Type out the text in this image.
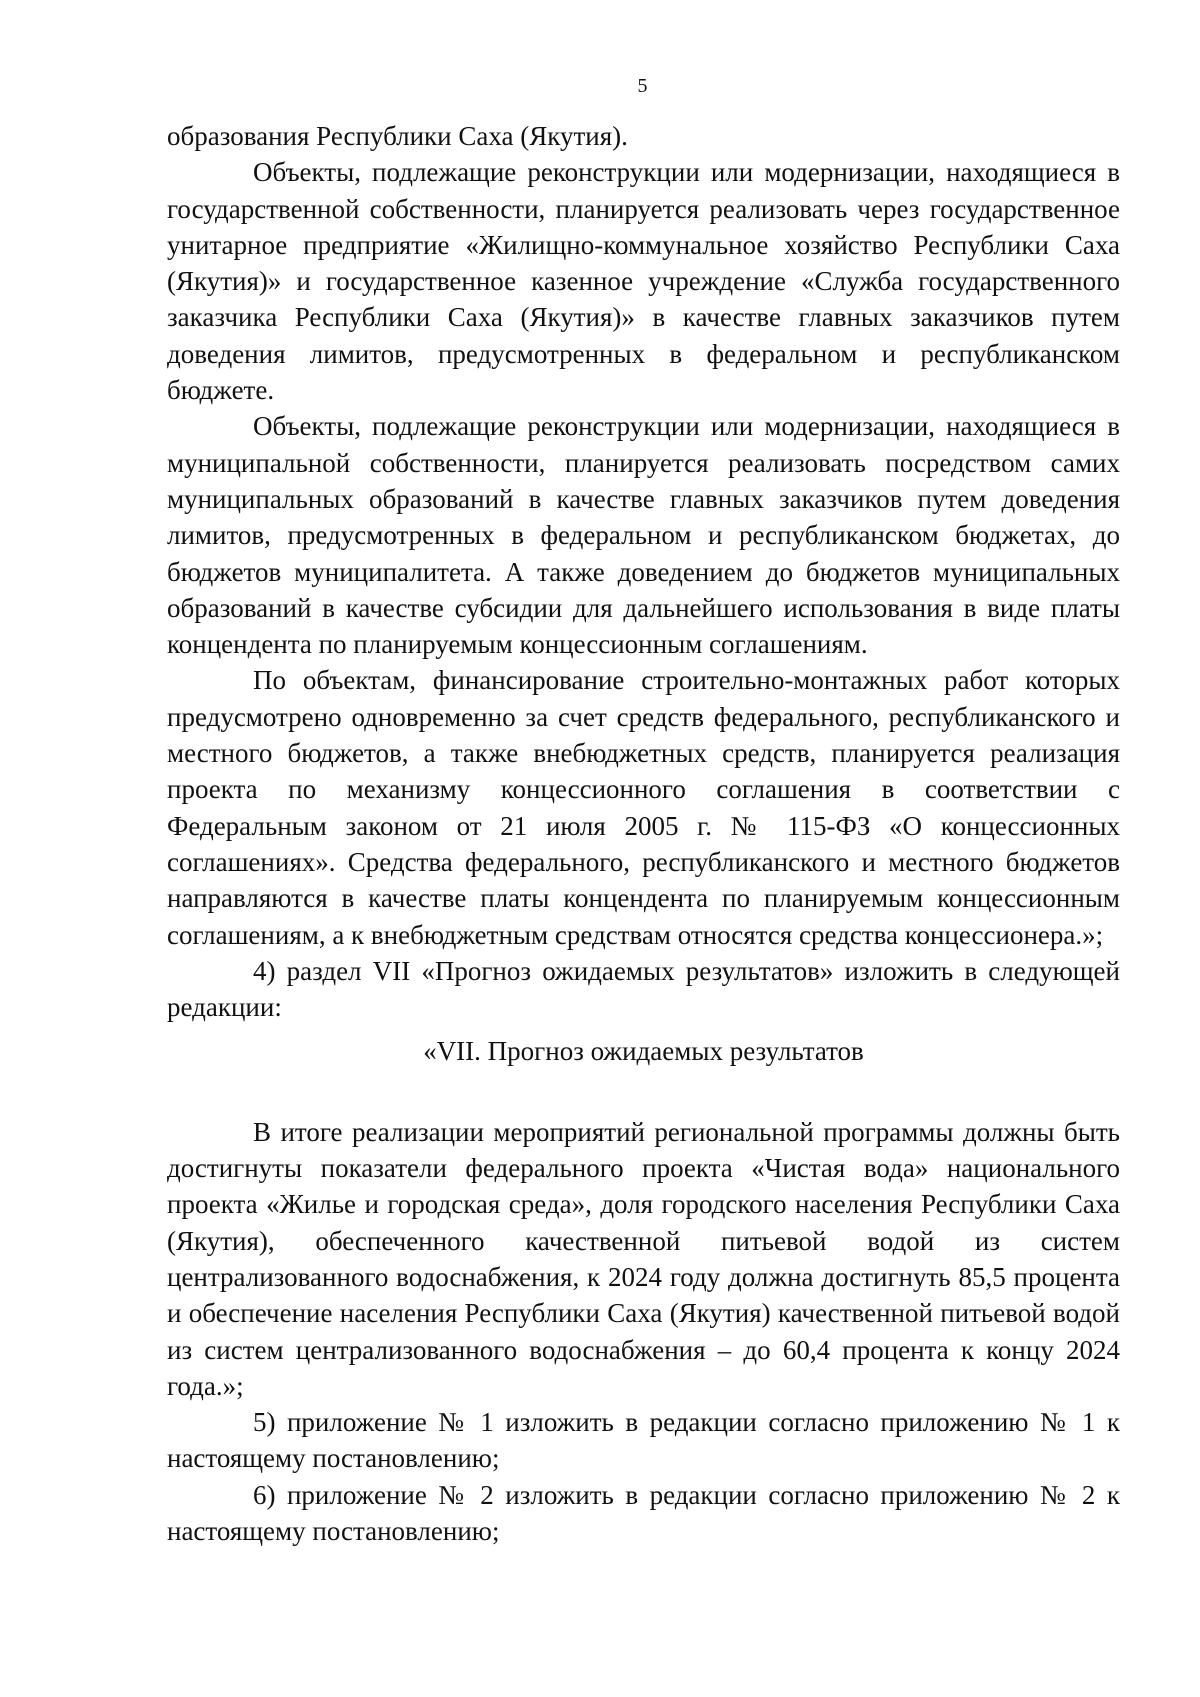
5

образования Республики Саха (Якутия).

Объекты, подлежащие реконструкции или модернизации, находящиеся в государственной собственности, планируется реализовать через государственное унитарное предприятие «Жилищно-коммунальное хозяйство Республики Саха (Якутия)» и государственное казенное учреждение «Служба государственного заказчика Республики Саха (Якутия)» в качестве главных заказчиков путем доведения лимитов, предусмотренных в федеральном и республиканском бюджете.

Объекты, подлежащие реконструкции или модернизации, находящиеся в муниципальной собственности, планируется реализовать посредством самих муниципальных образований в качестве главных заказчиков путем доведения лимитов, предусмотренных в федеральном и республиканском бюджетах, до бюджетов муниципалитета. А также доведением до бюджетов муниципальных образований в качестве субсидии для дальнейшего использования в виде платы концендента по планируемым концессионным соглашениям.

По объектам, финансирование строительно-монтажных работ которых предусмотрено одновременно за счет средств федерального, республиканского и местного бюджетов, а также внебюджетных средств, планируется реализация проекта по механизму концессионного соглашения в соответствии с Федеральным законом от 21 июля 2005 г. № 115-ФЗ «О концессионных соглашениях». Средства федерального, республиканского и местного бюджетов направляются в качестве платы концендента по планируемым концессионным соглашениям, а к внебюджетным средствам относятся средства концессионера.»;

4) раздел VII «Прогноз ожидаемых результатов» изложить в следующей редакции:

«VII. Прогноз ожидаемых результатов

В итоге реализации мероприятий региональной программы должны быть достигнуты показатели федерального проекта «Чистая вода» национального проекта «Жилье и городская среда», доля городского населения Республики Саха (Якутия), обеспеченного качественной питьевой водой из систем централизованного водоснабжения, к 2024 году должна достигнуть 85,5 процента и обеспечение населения Республики Саха (Якутия) качественной питьевой водой из систем централизованного водоснабжения – до 60,4 процента к концу 2024 года.»;

5) приложение № 1 изложить в редакции согласно приложению № 1 к настоящему постановлению;

6) приложение № 2 изложить в редакции согласно приложению № 2 к настоящему постановлению;
